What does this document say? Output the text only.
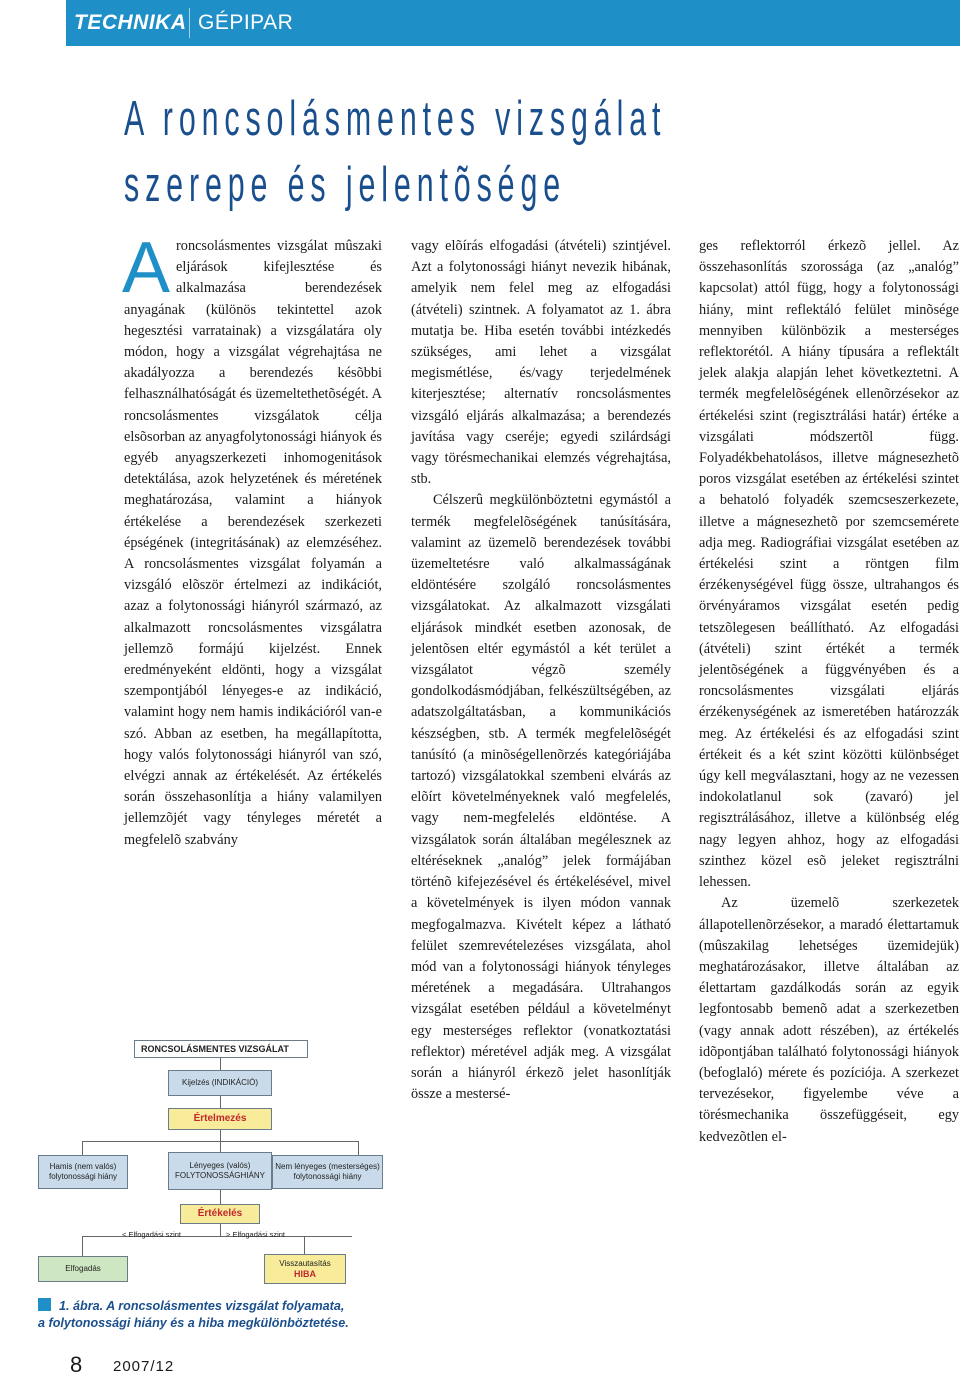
TECHNIKA GÉPIPAR
A roncsolásmentes vizsgálat
szerepe és jelentõsége

Aroncsolásmentes vizsgálat mûszaki eljárások kifejlesztése és alkalmazása berendezések anyagának (különös tekintettel azok hegesztési varratainak) a vizsgálatára oly módon, hogy a vizsgálat végrehajtása ne akadályozza a berendezés késõbbi felhasználhatóságát és üzemeltethetõségét. A roncsolásmentes vizsgálatok célja elsõsorban az anyagfolytonossági hiányok és egyéb anyagszerkezeti inhomogenitások detektálása, azok helyzetének és méretének meghatározása, valamint a hiányok értékelése a berendezések szerkezeti épségének (integritásának) az elemzéséhez. A roncsolásmentes vizsgálat folyamán a vizsgáló elõször értelmezi az indikációt, azaz a folytonossági hiányról származó, az alkalmazott roncsolásmentes vizsgálatra jellemzõ formájú kijelzést. Ennek eredményeként eldönti, hogy a vizsgálat szempontjából lényeges-e az indikáció, valamint hogy nem hamis indikációról van-e szó. Abban az esetben, ha megállapította, hogy valós folytonossági hiányról van szó, elvégzi annak az értékelését. Az értékelés során összehasonlítja a hiány valamilyen jellemzõjét vagy tényleges méretét a megfelelõ szabvány

vagy elõírás elfogadási (átvételi) szintjével. Azt a folytonossági hiányt nevezik hibának, amelyik nem felel meg az elfogadási (átvételi) szintnek. A folyamatot az 1. ábra mutatja be. Hiba esetén további intézkedés szükséges, ami lehet a vizsgálat megismétlése, és/vagy terjedelmének kiterjesztése; alternatív roncsolásmentes vizsgáló eljárás alkalmazása; a berendezés javítása vagy cseréje; egyedi szilárdsági vagy törésmechanikai elemzés végrehajtása, stb.

Célszerû megkülönböztetni egymástól a termék megfelelõségének tanúsítására, valamint az üzemelõ berendezések további üzemeltetésre való alkalmasságának eldöntésére szolgáló roncsolásmentes vizsgálatokat. Az alkalmazott vizsgálati eljárások mindkét esetben azonosak, de jelentõsen eltér egymástól a két terület a vizsgálatot végzõ személy gondolkodásmódjában, felkészültségében, az adatszolgáltatásban, a kommunikációs készségben, stb. A termék megfelelõségét tanúsító (a minõségellenõrzés kategóriájába tartozó) vizsgálatokkal szembeni elvárás az elõírt követelményeknek való megfelelés, vagy nem-megfelelés eldöntése. A vizsgálatok során általában megélesznek az eltéréseknek „analóg” jelek formájában történõ kifejezésével és értékelésével, mivel a követelmények is ilyen módon vannak megfogalmazva. Kivételt képez a látható felület szemrevételezéses vizsgálata, ahol mód van a folytonossági hiányok tényleges méretének a megadására. Ultrahangos vizsgálat esetében például a követelményt egy mesterséges reflektor (vonatkoztatási reflektor) méretével adják meg. A vizsgálat során a hiányról érkezõ jelet hasonlítják össze a mestersé-

ges reflektorról érkezõ jellel. Az összehasonlítás szorossága (az „analóg” kapcsolat) attól függ, hogy a folytonossági hiány, mint reflektáló felület minõsége mennyiben különbözik a mesterséges reflektorétól. A hiány típusára a reflektált jelek alakja alapján lehet következtetni. A termék megfelelõségének ellenõrzésekor az értékelési szint (regisztrálási határ) értéke a vizsgálati módszertõl függ. Folyadékbehatolásos, illetve mágnesezhetõ poros vizsgálat esetében az értékelési szintet a behatoló folyadék szemcseszerkezete, illetve a mágnesezhetõ por szemcsemérete adja meg. Radiográfiai vizsgálat esetében az értékelési szint a röntgen film érzékenységével függ össze, ultrahangos és örvényáramos vizsgálat esetén pedig tetszõlegesen beállítható. Az elfogadási (átvételi) szint értékét a termék jelentõségének a függvényében és a roncsolásmentes vizsgálati eljárás érzékenységének az ismeretében határozzák meg. Az értékelési és az elfogadási szint értékeit és a két szint közötti különbséget úgy kell megválasztani, hogy az ne vezessen indokolatlanul sok (zavaró) jel regisztrálásához, illetve a különbség elég nagy legyen ahhoz, hogy az elfogadási szinthez közel esõ jeleket regisztrálni lehessen.

Az üzemelõ szerkezetek állapotellenõrzésekor, a maradó élettartamuk (mûszakilag lehetséges üzemidejük) meghatározásakor, illetve általában az élettartam gazdálkodás során az egyik legfontosabb bemenõ adat a szerkezetben (vagy annak adott részében), az értékelés idõpontjában található folytonossági hiányok (befoglaló) mérete és pozíciója. A szerkezet tervezésekor, figyelembe véve a törésmechanika összefüggéseit, egy kedvezõtlen el-

RONCSOLÁSMENTES VIZSGÁLAT
Kijelzés (INDIKÁCIÓ)
Értelmezés
Hamis (nem valós) folytonossági hiány
Lényeges (valós) FOLYTONOSSÁGHIÁNY
Nem lényeges (mesterséges) folytonossági hiány
Értékelés
< Elfogadási szint	> Elfogadási szint
Elfogadás
Visszautasítás
HIBA
1. ábra. A roncsolásmentes vizsgálat folyamata,
a folytonossági hiány és a hiba megkülönböztetése.
8 2007/12
